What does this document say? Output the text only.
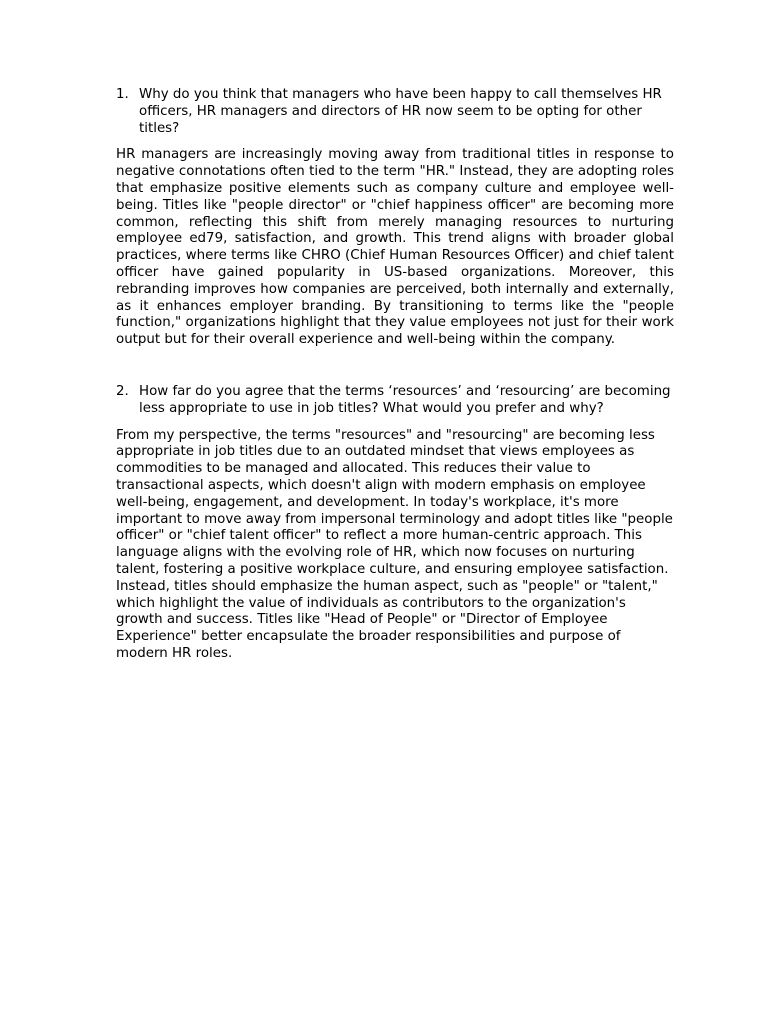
1. Why do you think that managers who have been happy to call themselves HR officers, HR managers and directors of HR now seem to be opting for other titles?

HR managers are increasingly moving away from traditional titles in response to negative connotations often tied to the term "HR." Instead, they are adopting roles that emphasize positive elements such as company culture and employee well-being. Titles like "people director" or "chief happiness officer" are becoming more common, reflecting this shift from merely managing resources to nurturing employee ed79, satisfaction, and growth. This trend aligns with broader global practices, where terms like CHRO (Chief Human Resources Officer) and chief talent officer have gained popularity in US-based organizations. Moreover, this rebranding improves how companies are perceived, both internally and externally, as it enhances employer branding. By transitioning to terms like the "people function," organizations highlight that they value employees not just for their work output but for their overall experience and well-being within the company.

2. How far do you agree that the terms ‘resources’ and ‘resourcing’ are becoming less appropriate to use in job titles? What would you prefer and why?

From my perspective, the terms "resources" and "resourcing" are becoming less appropriate in job titles due to an outdated mindset that views employees as commodities to be managed and allocated. This reduces their value to transactional aspects, which doesn't align with modern emphasis on employee well-being, engagement, and development. In today's workplace, it's more important to move away from impersonal terminology and adopt titles like "people officer" or "chief talent officer" to reflect a more human-centric approach. This language aligns with the evolving role of HR, which now focuses on nurturing talent, fostering a positive workplace culture, and ensuring employee satisfaction. Instead, titles should emphasize the human aspect, such as "people" or "talent," which highlight the value of individuals as contributors to the organization's growth and success. Titles like "Head of People" or "Director of Employee Experience" better encapsulate the broader responsibilities and purpose of modern HR roles.
